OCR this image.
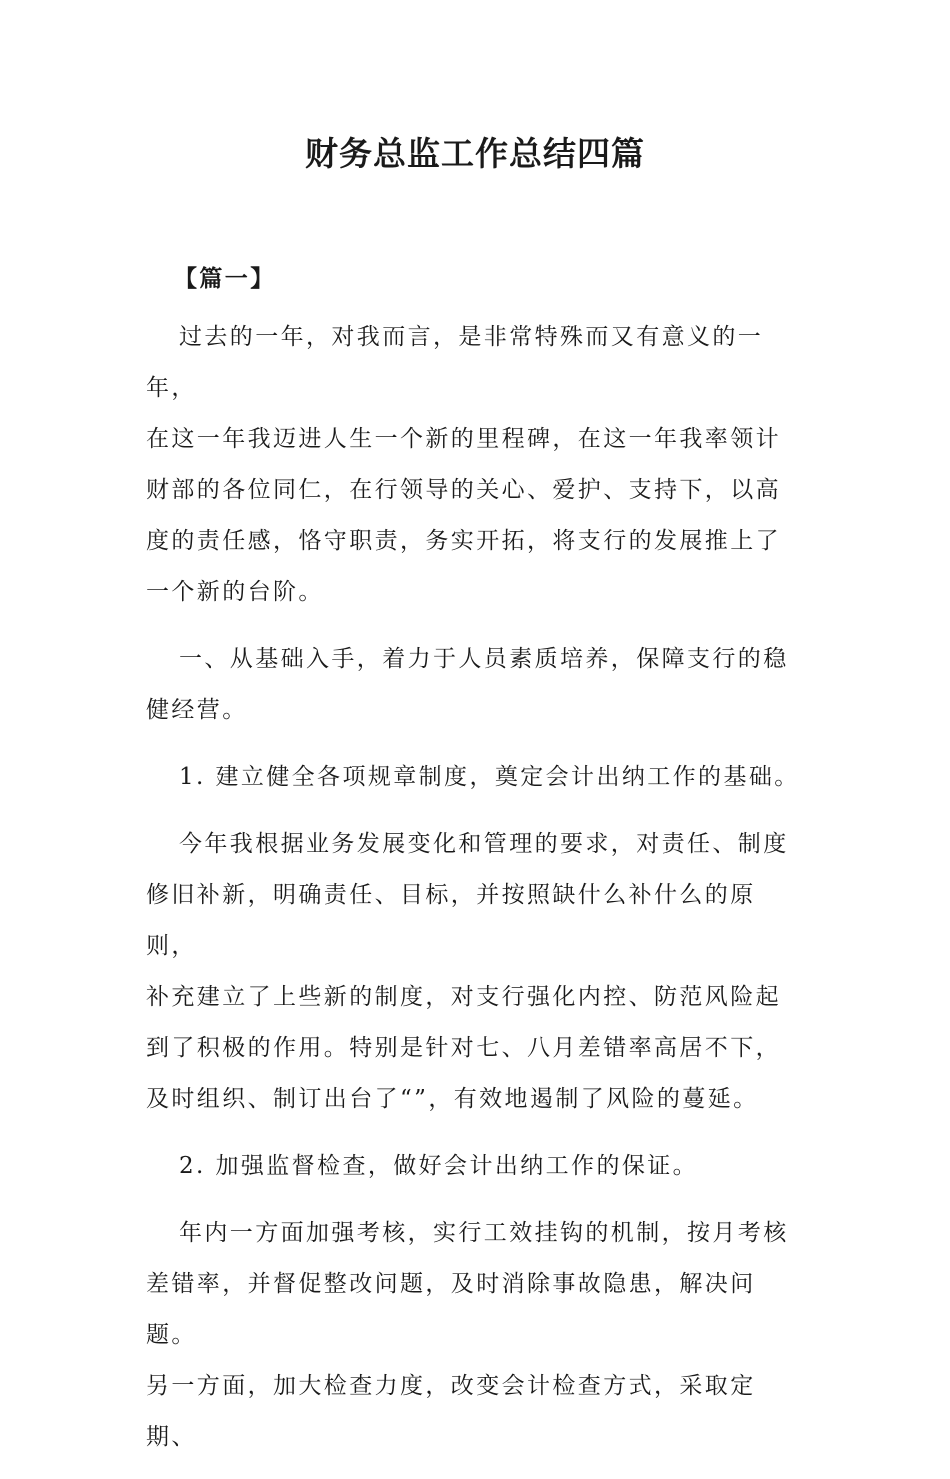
财务总监工作总结四篇

【篇一】

过去的一年，对我而言，是非常特殊而又有意义的一年，
在这一年我迈进人生一个新的里程碑，在这一年我率领计
财部的各位同仁，在行领导的关心、爱护、支持下，以高
度的责任感，恪守职责，务实开拓，将支行的发展推上了
一个新的台阶。

一、从基础入手，着力于人员素质培养，保障支行的稳
健经营。

1. 建立健全各项规章制度，奠定会计出纳工作的基础。

今年我根据业务发展变化和管理的要求，对责任、制度
修旧补新，明确责任、目标，并按照缺什么补什么的原则，
补充建立了上些新的制度，对支行强化内控、防范风险起
到了积极的作用。特别是针对七、八月差错率高居不下，
及时组织、制订出台了“”，有效地遏制了风险的蔓延。

2. 加强监督检查，做好会计出纳工作的保证。

年内一方面加强考核，实行工效挂钩的机制，按月考核
差错率，并督促整改问题，及时消除事故隐患，解决问题。
另一方面，加大检查力度，改变会计检查方式，采取定期、
